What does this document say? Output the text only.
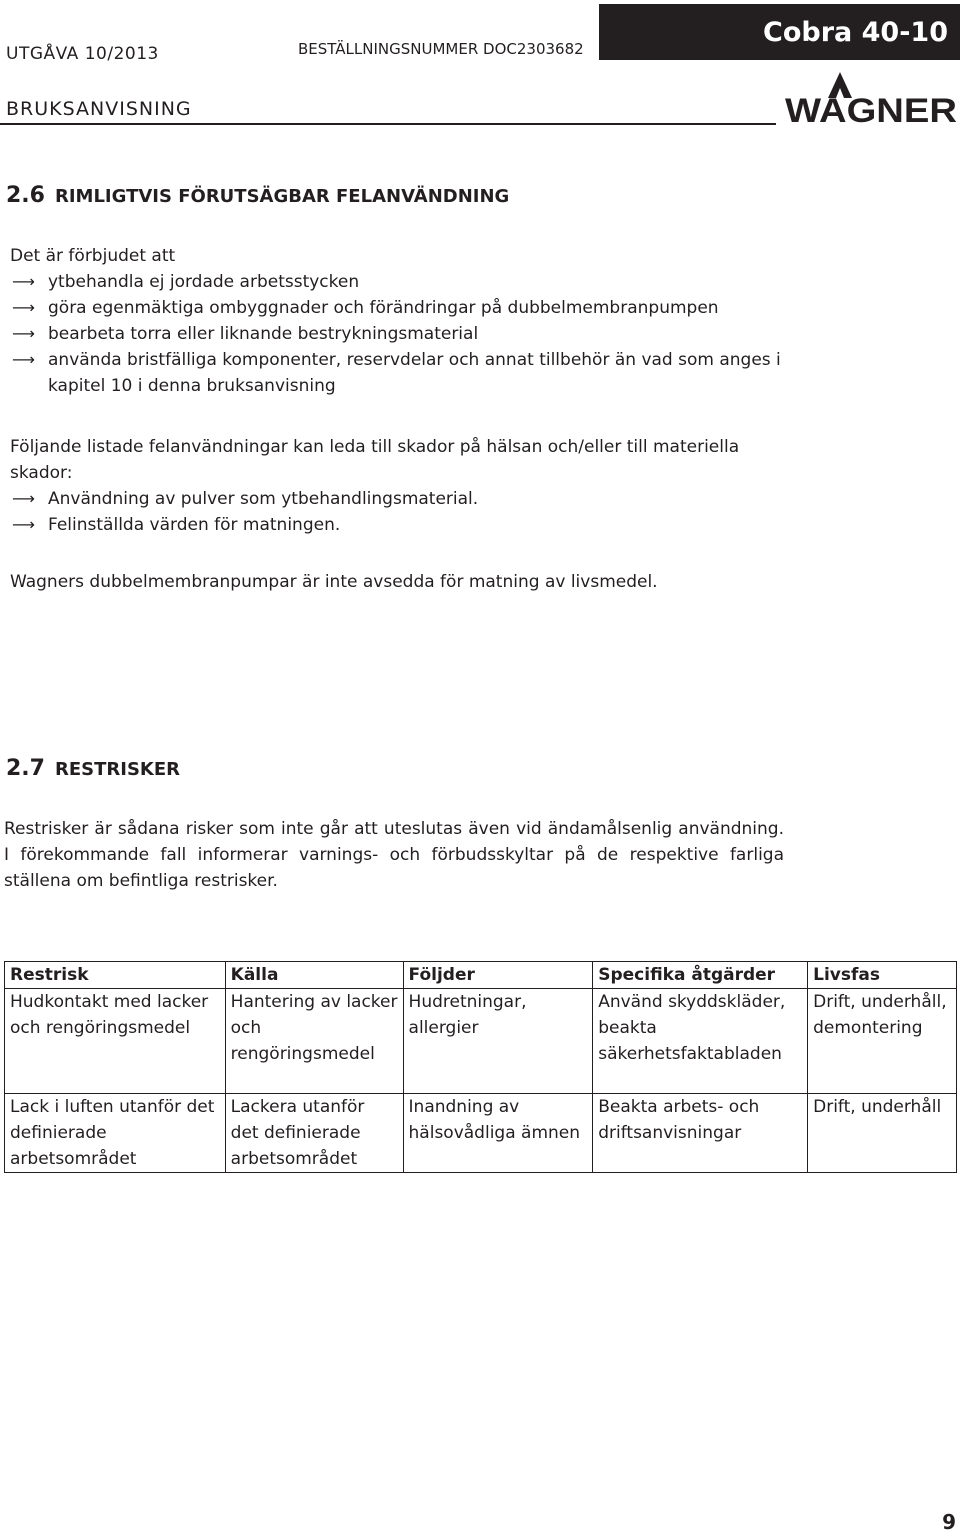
UTGÅVA 10/2013	BESTÄLLNINGSNUMMER DOC2303682
BRUKSANVISNING
Cobra 40-10
WAGNER
2.6 RIMLIGTVIS FÖRUTSÄGBAR FELANVÄNDNING
Det är förbjudet att
⟶ ytbehandla ej jordade arbetsstycken
⟶ göra egenmäktiga ombyggnader och förändringar på dubbelmembranpumpen
⟶ bearbeta torra eller liknande bestrykningsmaterial
⟶ använda bristfälliga komponenter, reservdelar och annat tillbehör än vad som anges i kapitel 10 i denna bruksanvisning
Följande listade felanvändningar kan leda till skador på hälsan och/eller till materiella skador:
⟶ Användning av pulver som ytbehandlingsmaterial.
⟶ Felinställda värden för matningen.
Wagners dubbelmembranpumpar är inte avsedda för matning av livsmedel.
2.7 RESTRISKER
Restrisker är sådana risker som inte går att uteslutas även vid ändamålsenlig användning. I förekommande fall informerar varnings- och förbudsskyltar på de respektive farliga ställena om befintliga restrisker.
Restrisk	Källa	Följder	Specifika åtgärder	Livsfas
Hudkontakt med lacker och rengöringsmedel	Hantering av lacker och rengöringsmedel	Hudretningar, allergier	Använd skyddskläder, beakta säkerhetsfaktabladen	Drift, underhåll, demontering
Lack i luften utanför det definierade arbetsområdet	Lackera utanför det definierade arbetsområdet	Inandning av hälsovådliga ämnen	Beakta arbets- och driftsanvisningar	Drift, underhåll
9
